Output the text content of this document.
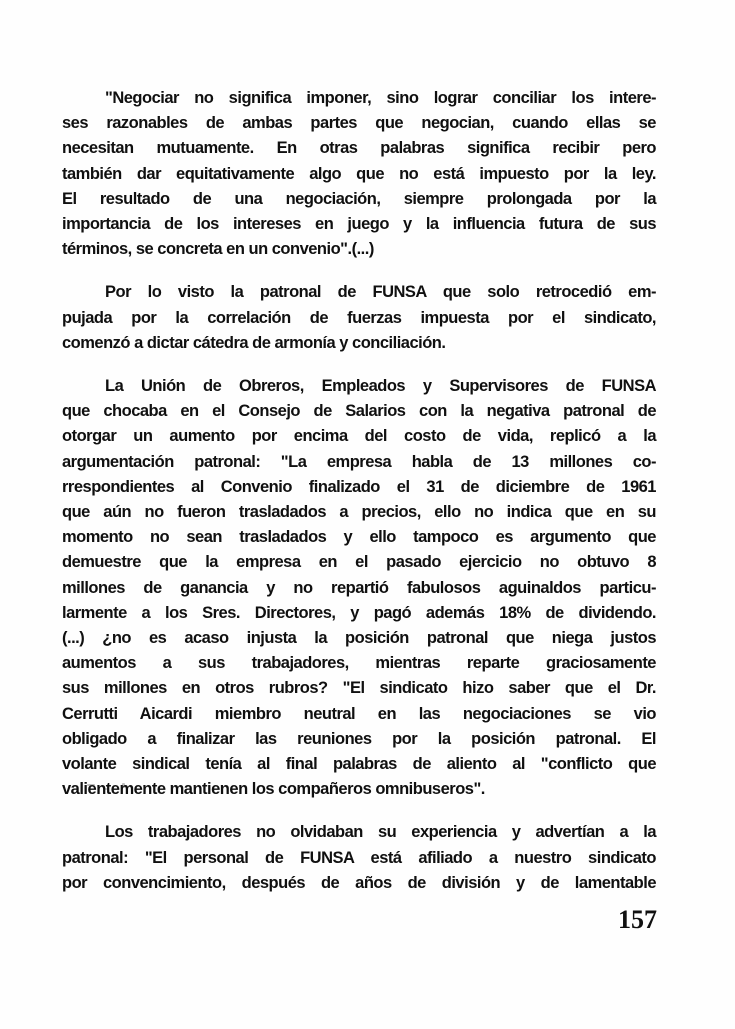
"Negociar no significa imponer, sino lograr conciliar los intere-
ses razonables de ambas partes que negocian, cuando ellas se
necesitan mutuamente. En otras palabras significa recibir pero
también dar equitativamente algo que no está impuesto por la ley.
El resultado de una negociación, siempre prolongada por la
importancia de los intereses en juego y la influencia futura de sus
términos, se concreta en un convenio".(...)
Por lo visto la patronal de FUNSA que solo retrocedió em-
pujada por la correlación de fuerzas impuesta por el sindicato,
comenzó a dictar cátedra de armonía y conciliación.
La Unión de Obreros, Empleados y Supervisores de FUNSA
que chocaba en el Consejo de Salarios con la negativa patronal de
otorgar un aumento por encima del costo de vida, replicó a la
argumentación patronal: "La empresa habla de 13 millones co-
rrespondientes al Convenio finalizado el 31 de diciembre de 1961
que aún no fueron trasladados a precios, ello no indica que en su
momento no sean trasladados y ello tampoco es argumento que
demuestre que la empresa en el pasado ejercicio no obtuvo 8
millones de ganancia y no repartió fabulosos aguinaldos particu-
larmente a los Sres. Directores, y pagó además 18% de dividendo.
(...) ¿no es acaso injusta la posición patronal que niega justos
aumentos a sus trabajadores, mientras reparte graciosamente
sus millones en otros rubros? "El sindicato hizo saber que el Dr.
Cerrutti Aicardi miembro neutral en las negociaciones se vio
obligado a finalizar las reuniones por la posición patronal. El
volante sindical tenía al final palabras de aliento al "conflicto que
valientemente mantienen los compañeros omnibuseros".
Los trabajadores no olvidaban su experiencia y advertían a la
patronal: "El personal de FUNSA está afiliado a nuestro sindicato
por convencimiento, después de años de división y de lamentable
157
